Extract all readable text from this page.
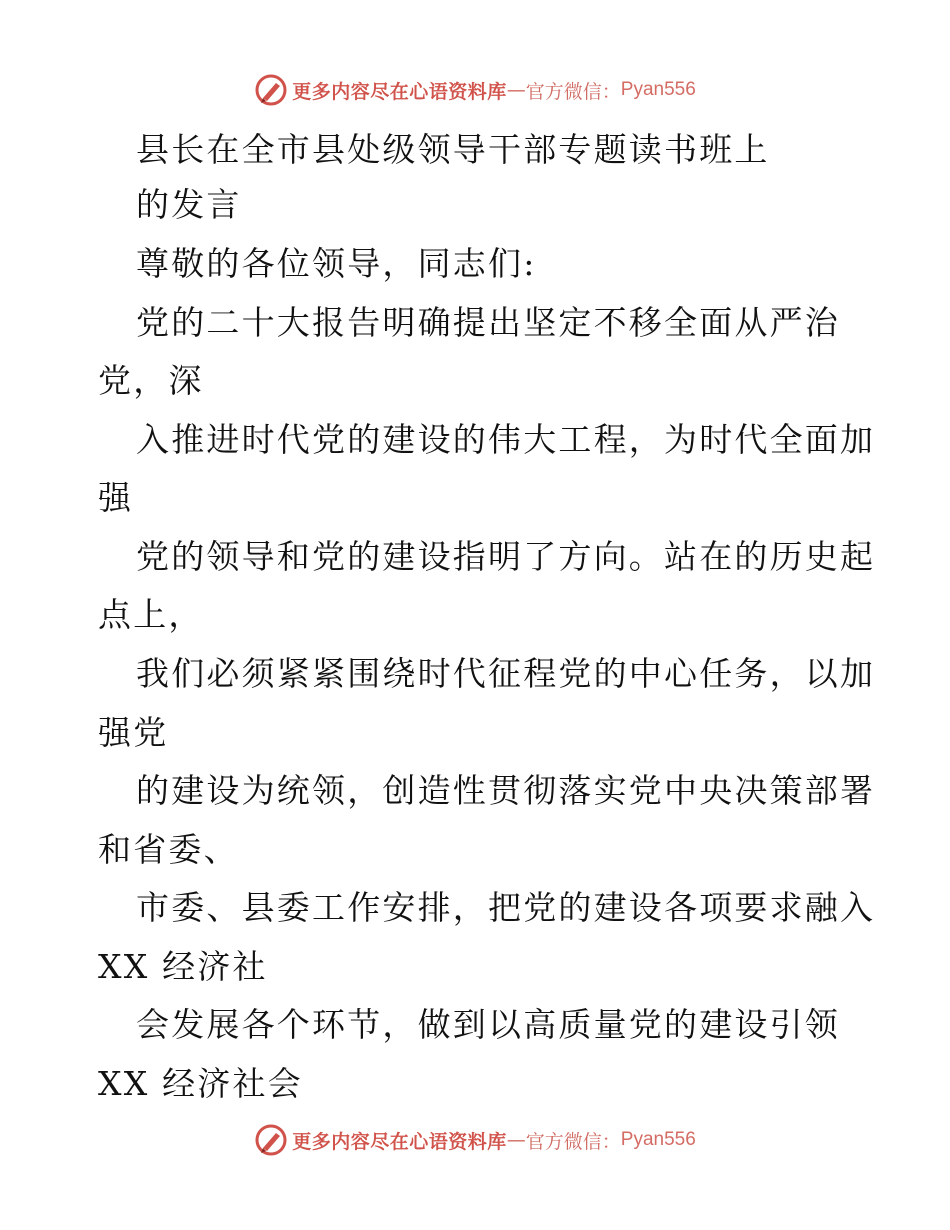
更多内容尽在心语资料库 — 官方微信 ： Pyan556
县长在全市县处级领导干部专题读书班上
的发言
尊敬的各位领导，同志们:
党的二十大报告明确提出坚定不移全面从严治
党，深
入推进时代党的建设的伟大工程，为时代全面加
强
党的领导和党的建设指明了方向。站在的历史起
点上，
我们必须紧紧围绕时代征程党的中心任务，以加
强党
的建设为统领，创造性贯彻落实党中央决策部署
和省委、
市委、县委工作安排，把党的建设各项要求融入
XX 经济社
会发展各个环节，做到以高质量党的建设引领
XX 经济社会
更多内容尽在心语资料库 — 官方微信 ： Pyan556
